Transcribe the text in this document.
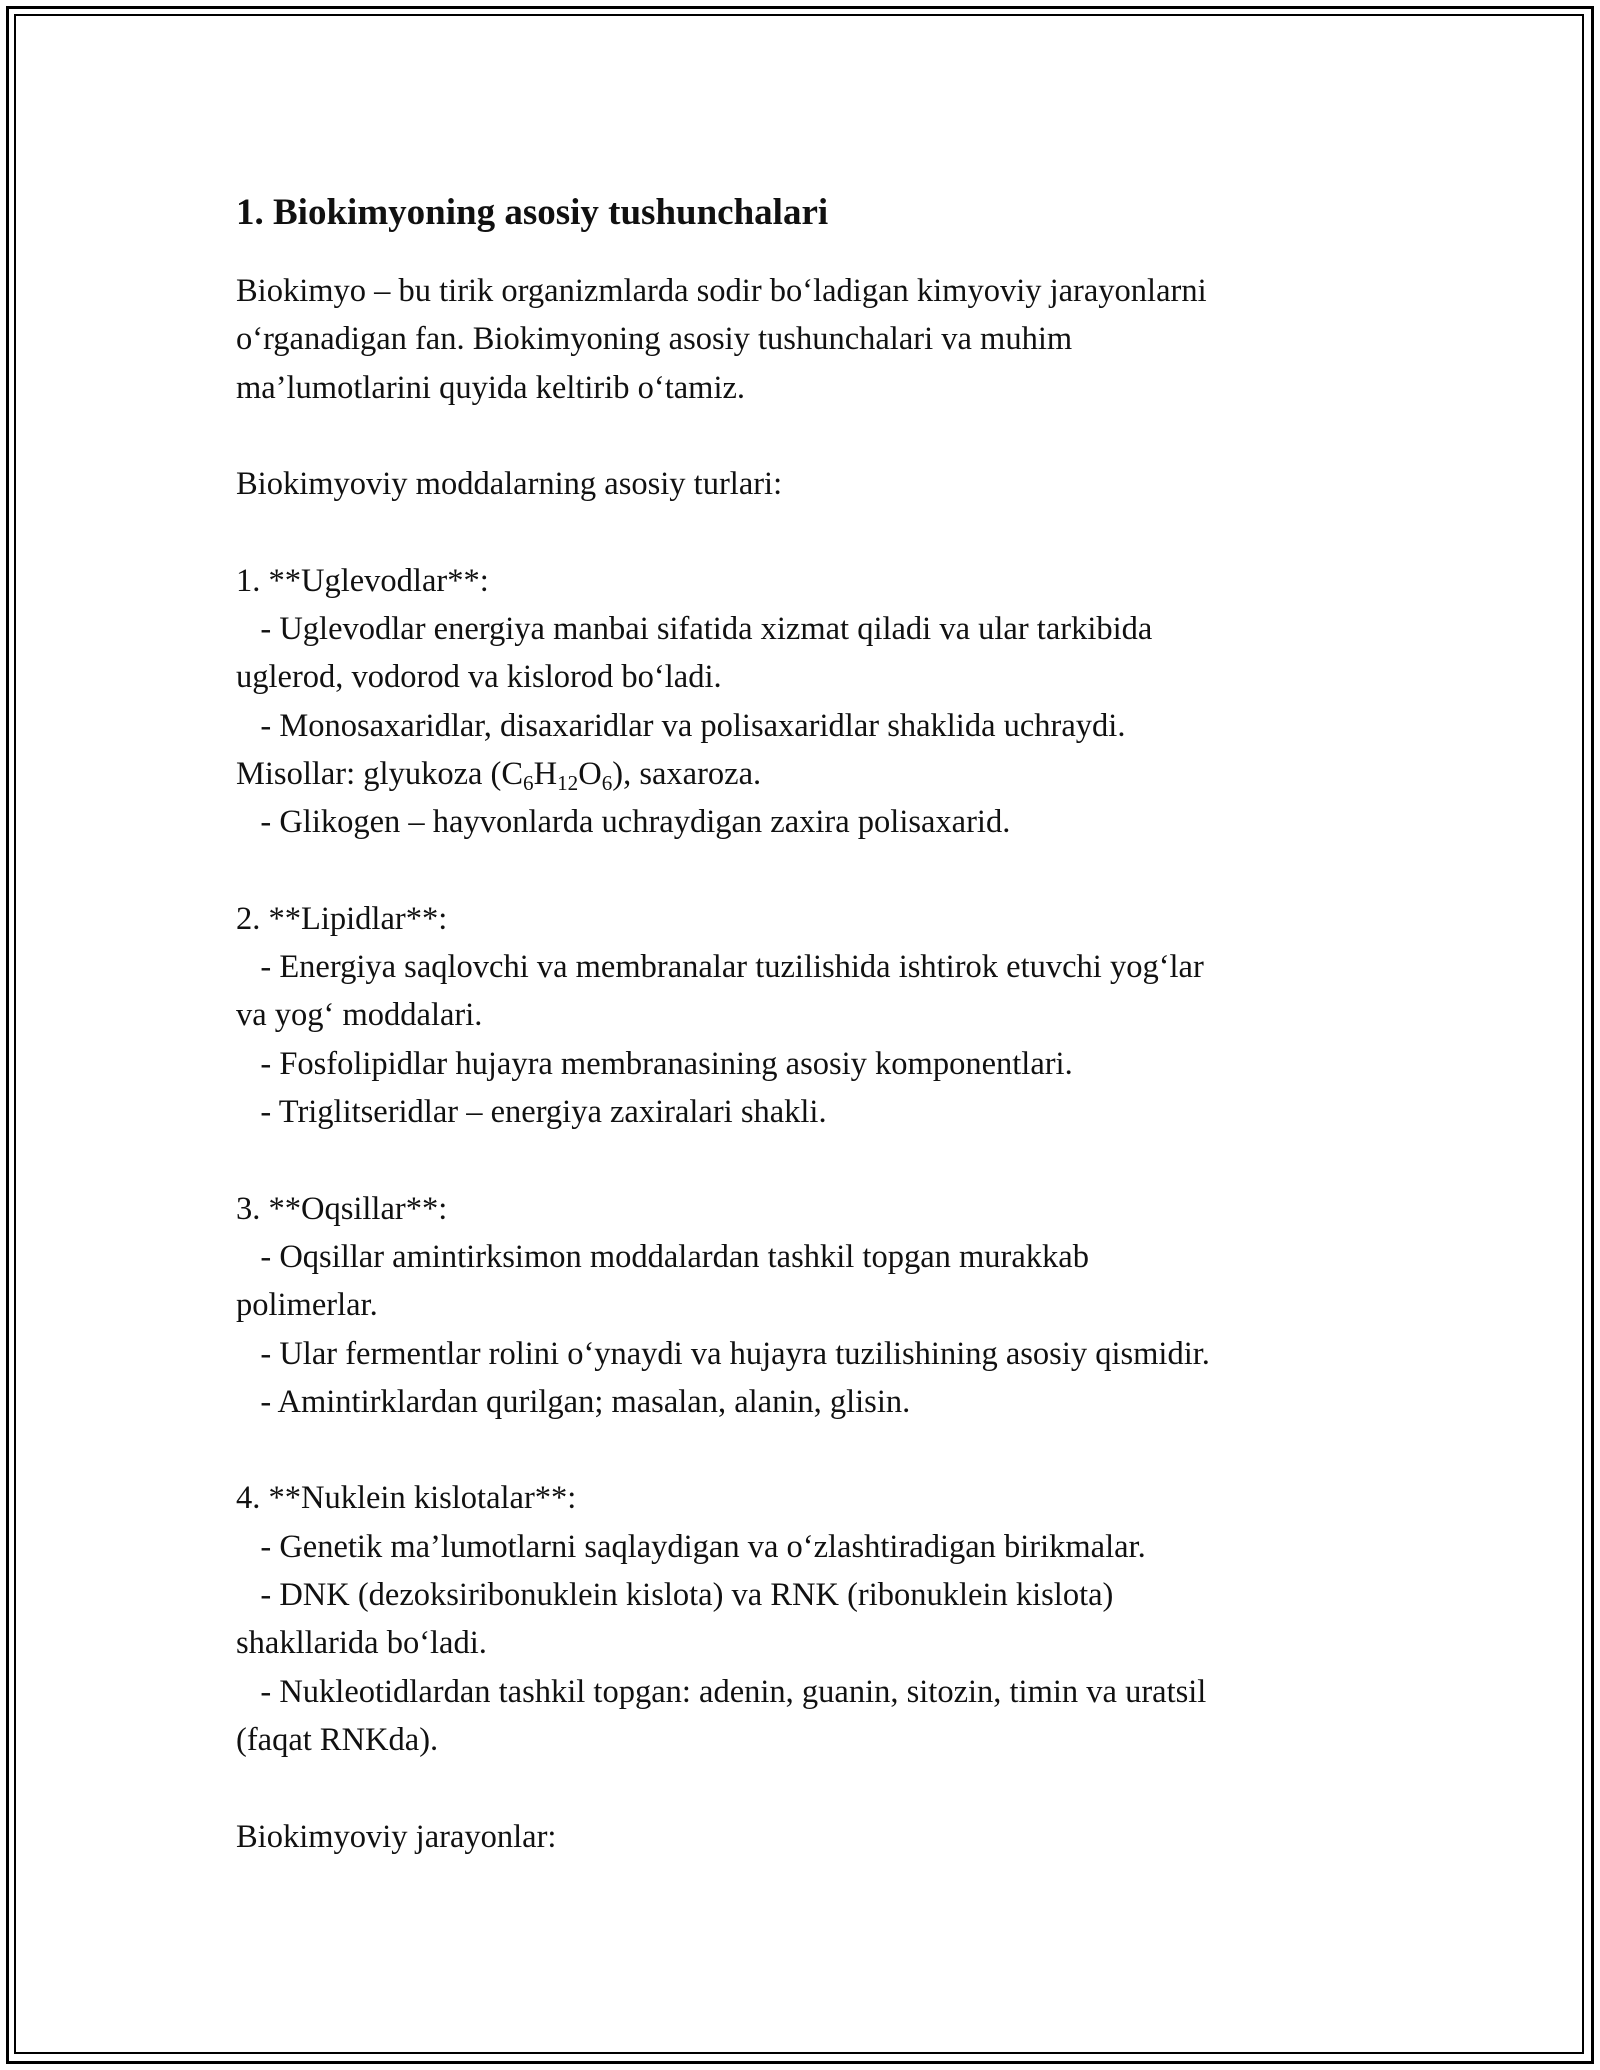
1. Biokimyoning asosiy tushunchalari
Biokimyo – bu tirik organizmlarda sodir bo‘ladigan kimyoviy jarayonlarni
o‘rganadigan fan. Biokimyoning asosiy tushunchalari va muhim
ma’lumotlarini quyida keltirib o‘tamiz.
Biokimyoviy moddalarning asosiy turlari:
1. **Uglevodlar**:
- Uglevodlar energiya manbai sifatida xizmat qiladi va ular tarkibida
uglerod, vodorod va kislorod bo‘ladi.
- Monosaxaridlar, disaxaridlar va polisaxaridlar shaklida uchraydi.
Misollar: glyukoza $(C_6H_{12}O_6)$, saxaroza.
- Glikogen – hayvonlarda uchraydigan zaxira polisaxarid.
2. **Lipidlar**:
- Energiya saqlovchi va membranalar tuzilishida ishtirok etuvchi yog‘lar
va yog‘ moddalari.
- Fosfolipidlar hujayra membranasining asosiy komponentlari.
- Triglitseridlar – energiya zaxiralari shakli.
3. **Oqsillar**:
- Oqsillar amintirksimon moddalardan tashkil topgan murakkab
polimerlar.
- Ular fermentlar rolini o‘ynaydi va hujayra tuzilishining asosiy qismidir.
- Amintirklardan qurilgan; masalan, alanin, glisin.
4. **Nuklein kislotalar**:
- Genetik ma’lumotlarni saqlaydigan va o‘zlashtiradigan birikmalar.
- DNK (dezoksiribonuklein kislota) va RNK (ribonuklein kislota)
shakllarida bo‘ladi.
- Nukleotidlardan tashkil topgan: adenin, guanin, sitozin, timin va uratsil
(faqat RNKda).
Biokimyoviy jarayonlar:
